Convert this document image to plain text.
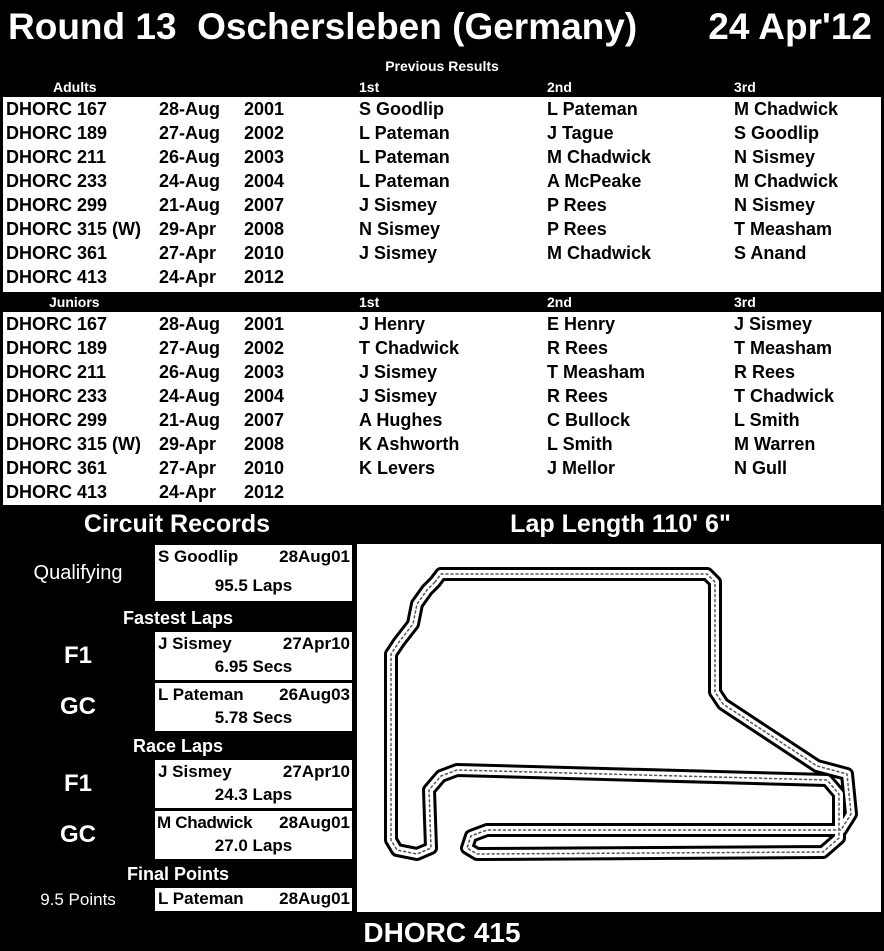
Round 13 Oschersleben (Germany) 24 Apr'12
Previous Results
Adults	1st	2nd	3rd
DHORC 167	28-Aug 2001	S Goodlip	L Pateman	M Chadwick
DHORC 189	27-Aug 2002	L Pateman	J Tague	S Goodlip
DHORC 211	26-Aug 2003	L Pateman	M Chadwick	N Sismey
DHORC 233	24-Aug 2004	L Pateman	A McPeake	M Chadwick
DHORC 299	21-Aug 2007	J Sismey	P Rees	N Sismey
DHORC 315 (W) 29-Apr 2008	N Sismey	P Rees	T Measham
DHORC 361	27-Apr 2010	J Sismey	M Chadwick	S Anand
DHORC 413	24-Apr 2012
Juniors	1st	2nd	3rd
DHORC 167	28-Aug 2001	J Henry	E Henry	J Sismey
DHORC 189	27-Aug 2002	T Chadwick	R Rees	T Measham
DHORC 211	26-Aug 2003	J Sismey	T Measham	R Rees
DHORC 233	24-Aug 2004	J Sismey	R Rees	T Chadwick
DHORC 299	21-Aug 2007	A Hughes	C Bullock	L Smith
DHORC 315 (W) 29-Apr 2008	K Ashworth	L Smith	M Warren
DHORC 361	27-Apr 2010	K Levers	J Mellor	N Gull
DHORC 413	24-Apr 2012
Circuit Records	Lap Length 110' 6"
Qualifying
S Goodlip 28Aug01
95.5 Laps
Fastest Laps
F1	J Sismey	27Apr10
6.95 Secs
GC	L Pateman 26Aug03
5.78 Secs
Race Laps
F1	J Sismey	27Apr10
24.3 Laps
GC	M Chadwick 28Aug01
27.0 Laps
Final Points
9.5 Points	L Pateman 28Aug01
DHORC 415
